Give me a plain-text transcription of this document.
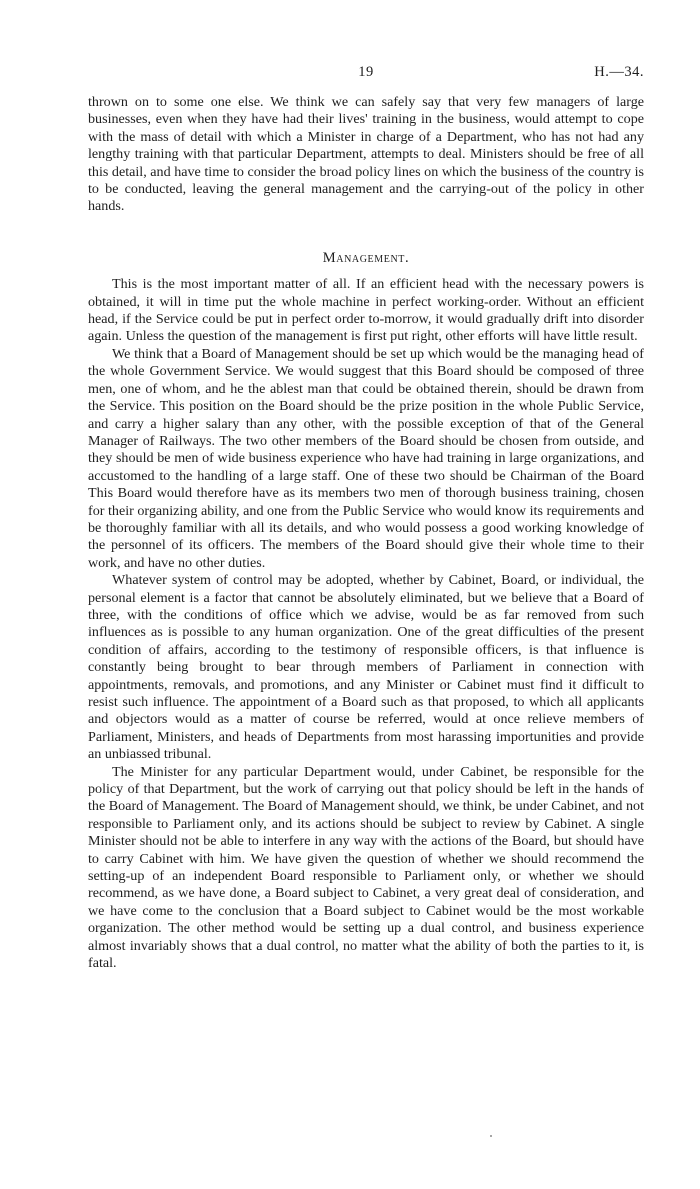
19	H.—34.

thrown on to some one else. We think we can safely say that very few managers of large businesses, even when they have had their lives' training in the business, would attempt to cope with the mass of detail with which a Minister in charge of a Department, who has not had any lengthy training with that particular Department, attempts to deal. Ministers should be free of all this detail, and have time to consider the broad policy lines on which the business of the country is to be conducted, leaving the general management and the carrying-out of the policy in other hands.

Management.

This is the most important matter of all. If an efficient head with the necessary powers is obtained, it will in time put the whole machine in perfect working-order. Without an efficient head, if the Service could be put in perfect order to-morrow, it would gradually drift into disorder again. Unless the question of the management is first put right, other efforts will have little result.

We think that a Board of Management should be set up which would be the managing head of the whole Government Service. We would suggest that this Board should be composed of three men, one of whom, and he the ablest man that could be obtained therein, should be drawn from the Service. This position on the Board should be the prize position in the whole Public Service, and carry a higher salary than any other, with the possible exception of that of the General Manager of Railways. The two other members of the Board should be chosen from outside, and they should be men of wide business experience who have had training in large organizations, and accustomed to the handling of a large staff. One of these two should be Chairman of the Board This Board would therefore have as its members two men of thorough business training, chosen for their organizing ability, and one from the Public Service who would know its requirements and be thoroughly familiar with all its details, and who would possess a good working knowledge of the personnel of its officers. The members of the Board should give their whole time to their work, and have no other duties.

Whatever system of control may be adopted, whether by Cabinet, Board, or individual, the personal element is a factor that cannot be absolutely eliminated, but we believe that a Board of three, with the conditions of office which we advise, would be as far removed from such influences as is possible to any human organization. One of the great difficulties of the present condition of affairs, according to the testimony of responsible officers, is that influence is constantly being brought to bear through members of Parliament in connection with appointments, removals, and promotions, and any Minister or Cabinet must find it difficult to resist such influence. The appointment of a Board such as that proposed, to which all applicants and objectors would as a matter of course be referred, would at once relieve members of Parliament, Ministers, and heads of Departments from most harassing importunities and provide an unbiassed tribunal.

The Minister for any particular Department would, under Cabinet, be responsible for the policy of that Department, but the work of carrying out that policy should be left in the hands of the Board of Management. The Board of Management should, we think, be under Cabinet, and not responsible to Parliament only, and its actions should be subject to review by Cabinet. A single Minister should not be able to interfere in any way with the actions of the Board, but should have to carry Cabinet with him. We have given the question of whether we should recommend the setting-up of an independent Board responsible to Parliament only, or whether we should recommend, as we have done, a Board subject to Cabinet, a very great deal of consideration, and we have come to the conclusion that a Board subject to Cabinet would be the most workable organization. The other method would be setting up a dual control, and business experience almost invariably shows that a dual control, no matter what the ability of both the parties to it, is fatal.
